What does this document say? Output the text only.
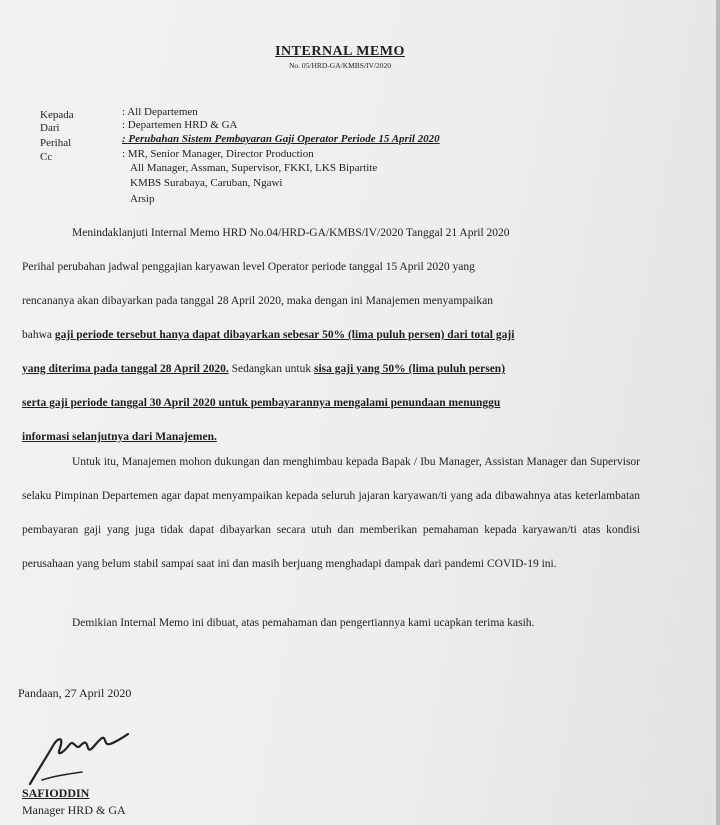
INTERNAL MEMO
No. 05/HRD-GA/KMBS/IV/2020
Kepada	: All Departemen
Dari	: Departemen HRD & GA
Perihal	: Perubahan Sistem Pembayaran Gaji Operator Periode 15 April 2020
Cc	: MR, Senior Manager, Director Production
All Manager, Assman, Supervisor, FKKI, LKS Bipartite
KMBS Surabaya, Caruban, Ngawi
Arsip
Menindaklanjuti Internal Memo HRD No.04/HRD-GA/KMBS/IV/2020 Tanggal 21 April 2020
Perihal perubahan jadwal penggajian karyawan level Operator periode tanggal 15 April 2020 yang
rencananya akan dibayarkan pada tanggal 28 April 2020, maka dengan ini Manajemen menyampaikan
bahwa gaji periode tersebut hanya dapat dibayarkan sebesar 50% (lima puluh persen) dari total gaji
yang diterima pada tanggal 28 April 2020. Sedangkan untuk sisa gaji yang 50% (lima puluh persen)
serta gaji periode tanggal 30 April 2020 untuk pembayarannya mengalami penundaan menunggu
informasi selanjutnya dari Manajemen.
Untuk itu, Manajemen mohon dukungan dan menghimbau kepada Bapak / Ibu Manager, Assistan Manager dan Supervisor selaku Pimpinan Departemen agar dapat menyampaikan kepada seluruh jajaran karyawan/ti yang ada dibawahnya atas keterlambatan pembayaran gaji yang juga tidak dapat dibayarkan secara utuh dan memberikan pemahaman kepada karyawan/ti atas kondisi perusahaan yang belum stabil sampai saat ini dan masih berjuang menghadapi dampak dari pandemi COVID-19 ini.
Demikian Internal Memo ini dibuat, atas pemahaman dan pengertiannya kami ucapkan terima kasih.
Pandaan, 27 April 2020
SAFIODDIN
Manager HRD & GA
